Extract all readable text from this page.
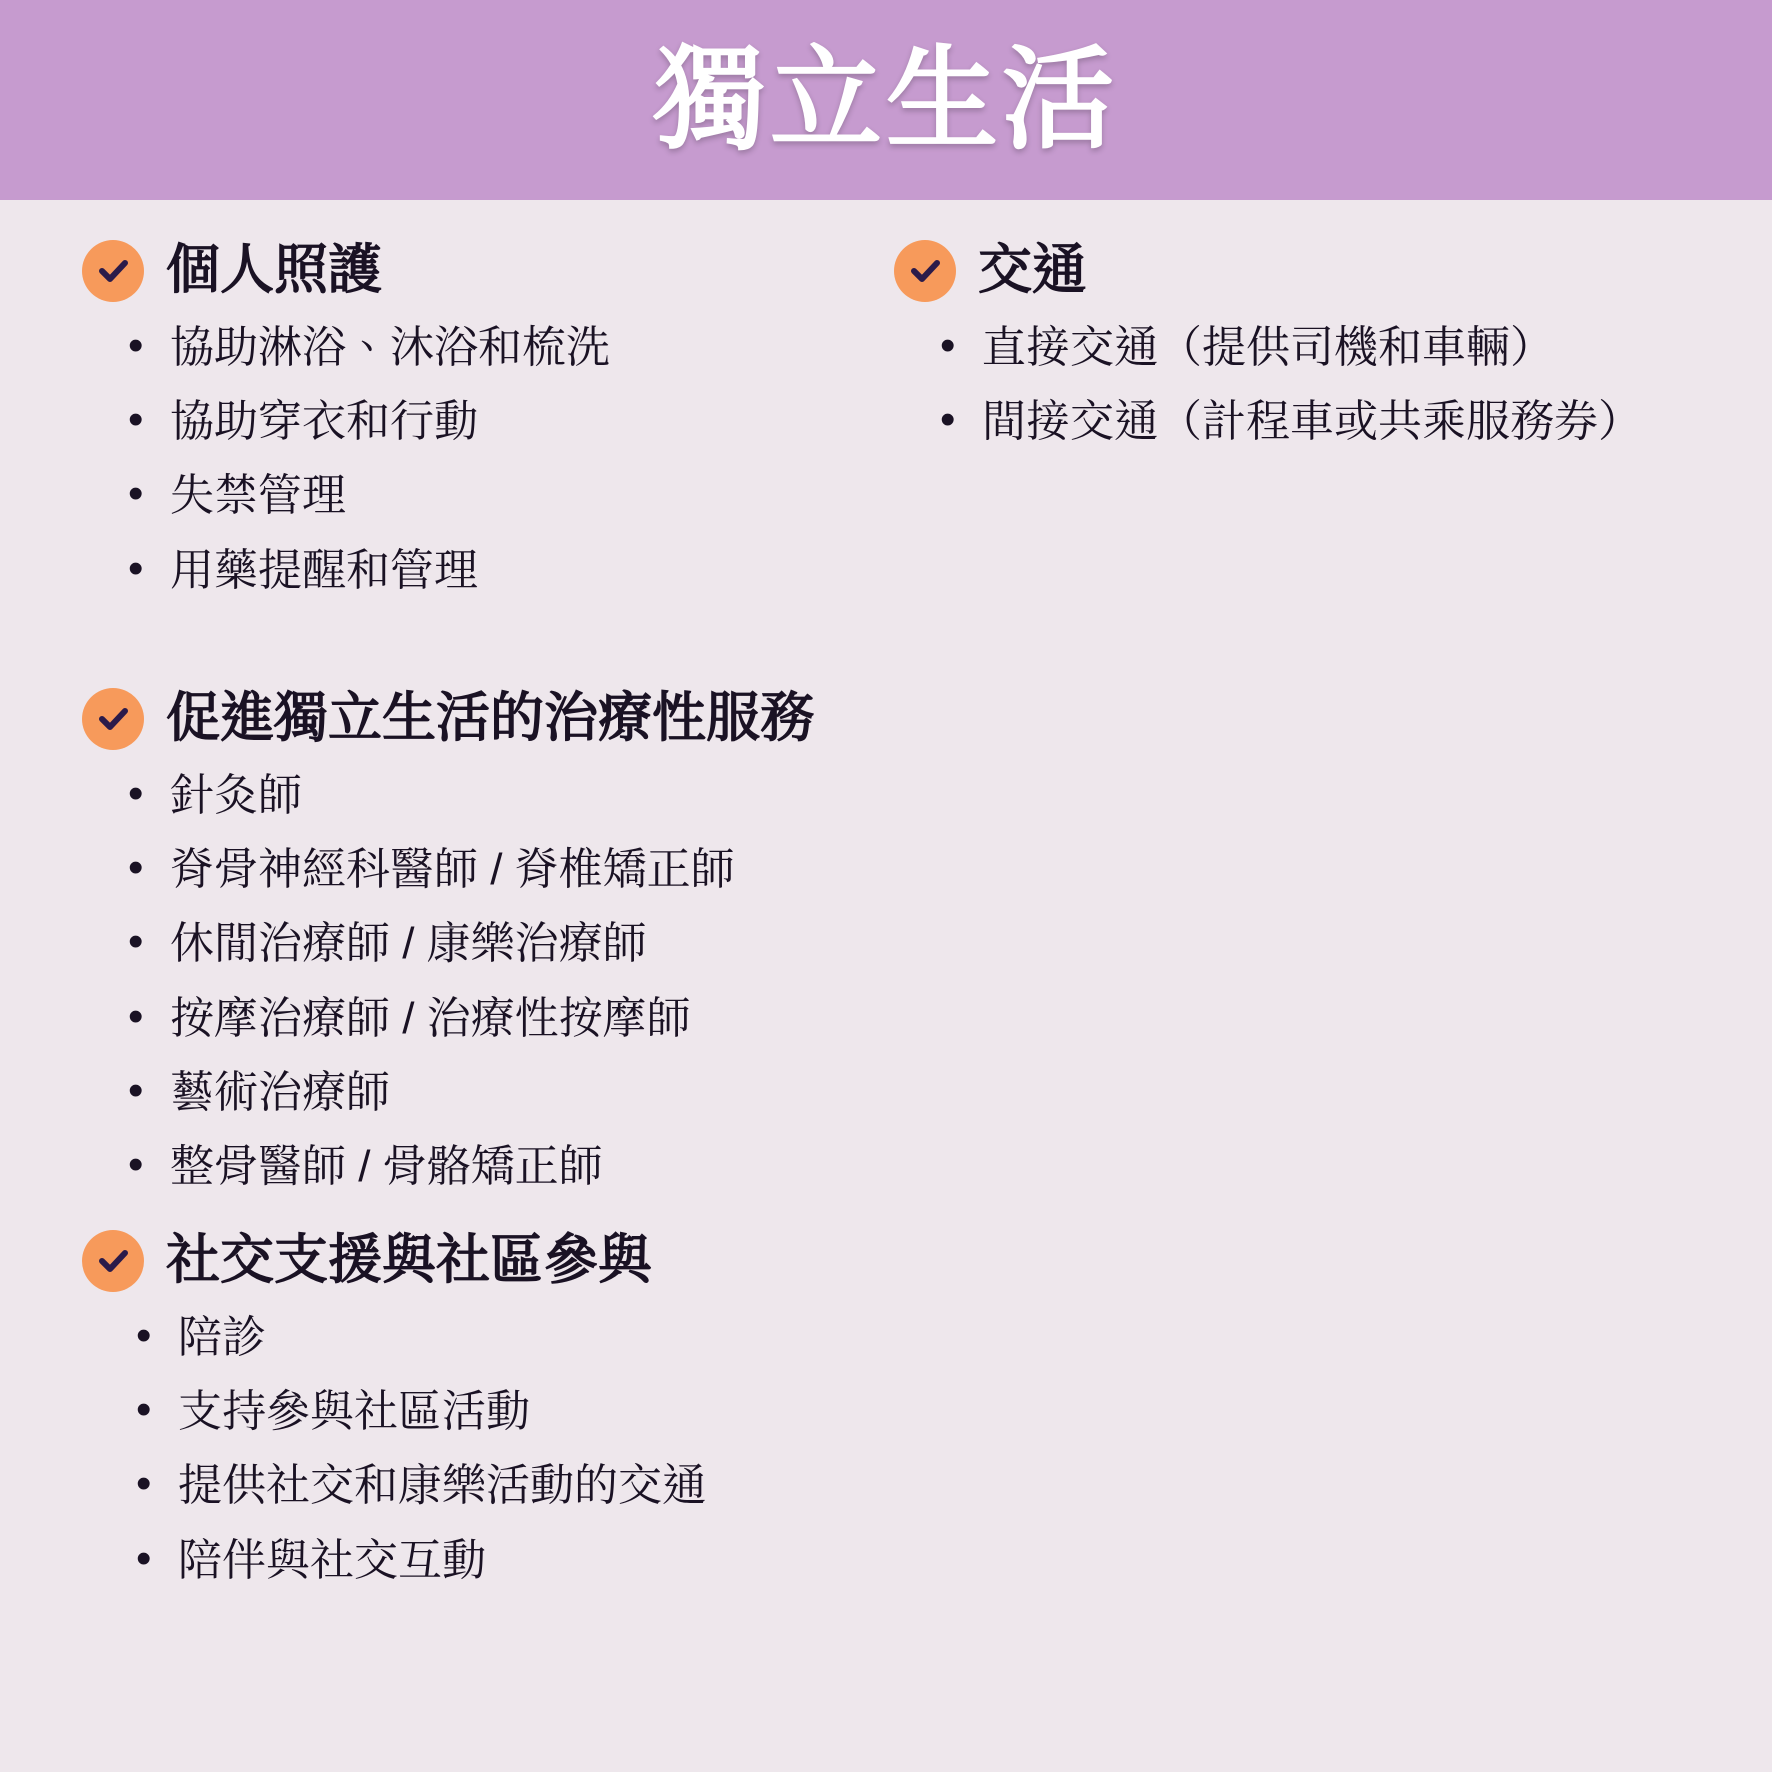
獨立生活
個人照護
• 協助淋浴、沐浴和梳洗
• 協助穿衣和行動
• 失禁管理
• 用藥提醒和管理
交通
• 直接交通（提供司機和車輛）
• 間接交通（計程車或共乘服務券）
促進獨立生活的治療性服務
• 針灸師
• 脊骨神經科醫師 / 脊椎矯正師
• 休閒治療師 / 康樂治療師
• 按摩治療師 / 治療性按摩師
• 藝術治療師
• 整骨醫師 / 骨骼矯正師
社交支援與社區參與
• 陪診
• 支持參與社區活動
• 提供社交和康樂活動的交通
• 陪伴與社交互動
